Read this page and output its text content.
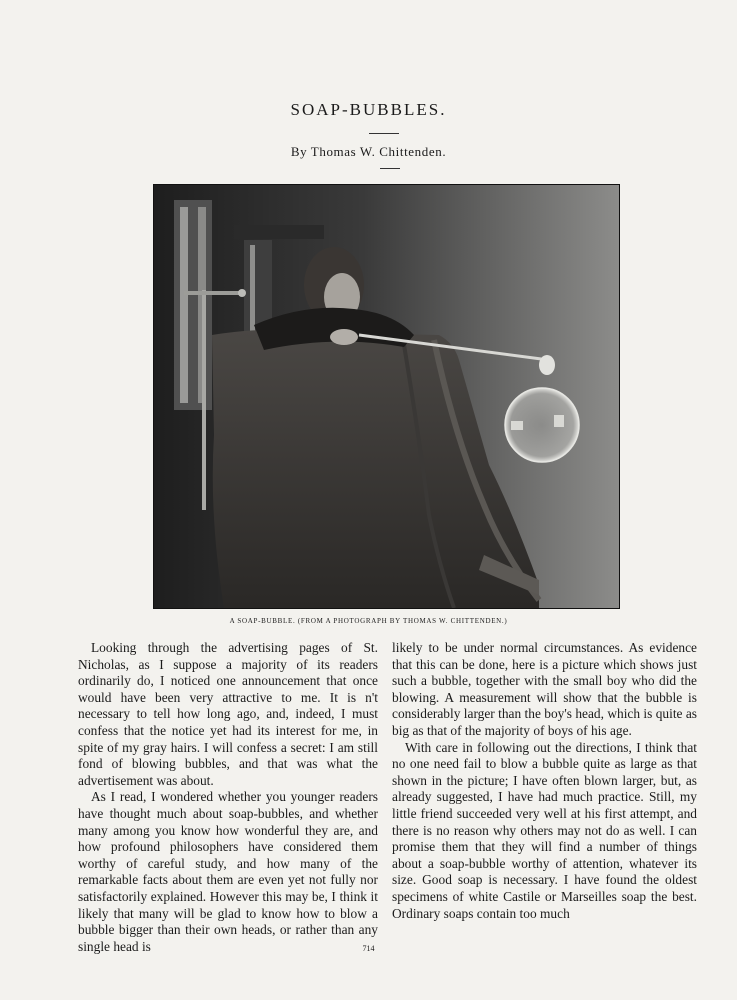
SOAP-BUBBLES.
By Thomas W. Chittenden.
A SOAP-BUBBLE. (FROM A PHOTOGRAPH BY THOMAS W. CHITTENDEN.)

Looking through the advertising pages of St. Nicholas, as I suppose a majority of its readers ordinarily do, I noticed one announcement that once would have been very attractive to me. It is n't necessary to tell how long ago, and, indeed, I must confess that the notice yet had its interest for me, in spite of my gray hairs. I will confess a secret: I am still fond of blowing bubbles, and that was what the advertisement was about.

As I read, I wondered whether you younger readers have thought much about soap-bubbles, and whether many among you know how wonderful they are, and how profound philosophers have considered them worthy of careful study, and how many of the remarkable facts about them are even yet not fully nor satisfactorily explained. However this may be, I think it likely that many will be glad to know how to blow a bubble bigger than their own heads, or rather than any single head is

likely to be under normal circumstances. As evidence that this can be done, here is a picture which shows just such a bubble, together with the small boy who did the blowing. A measurement will show that the bubble is considerably larger than the boy's head, which is quite as big as that of the majority of boys of his age.

With care in following out the directions, I think that no one need fail to blow a bubble quite as large as that shown in the picture; I have often blown larger, but, as already suggested, I have had much practice. Still, my little friend succeeded very well at his first attempt, and there is no reason why others may not do as well. I can promise them that they will find a number of things about a soap-bubble worthy of attention, whatever its size. Good soap is necessary. I have found the oldest specimens of white Castile or Marseilles soap the best. Ordinary soaps contain too much

714
